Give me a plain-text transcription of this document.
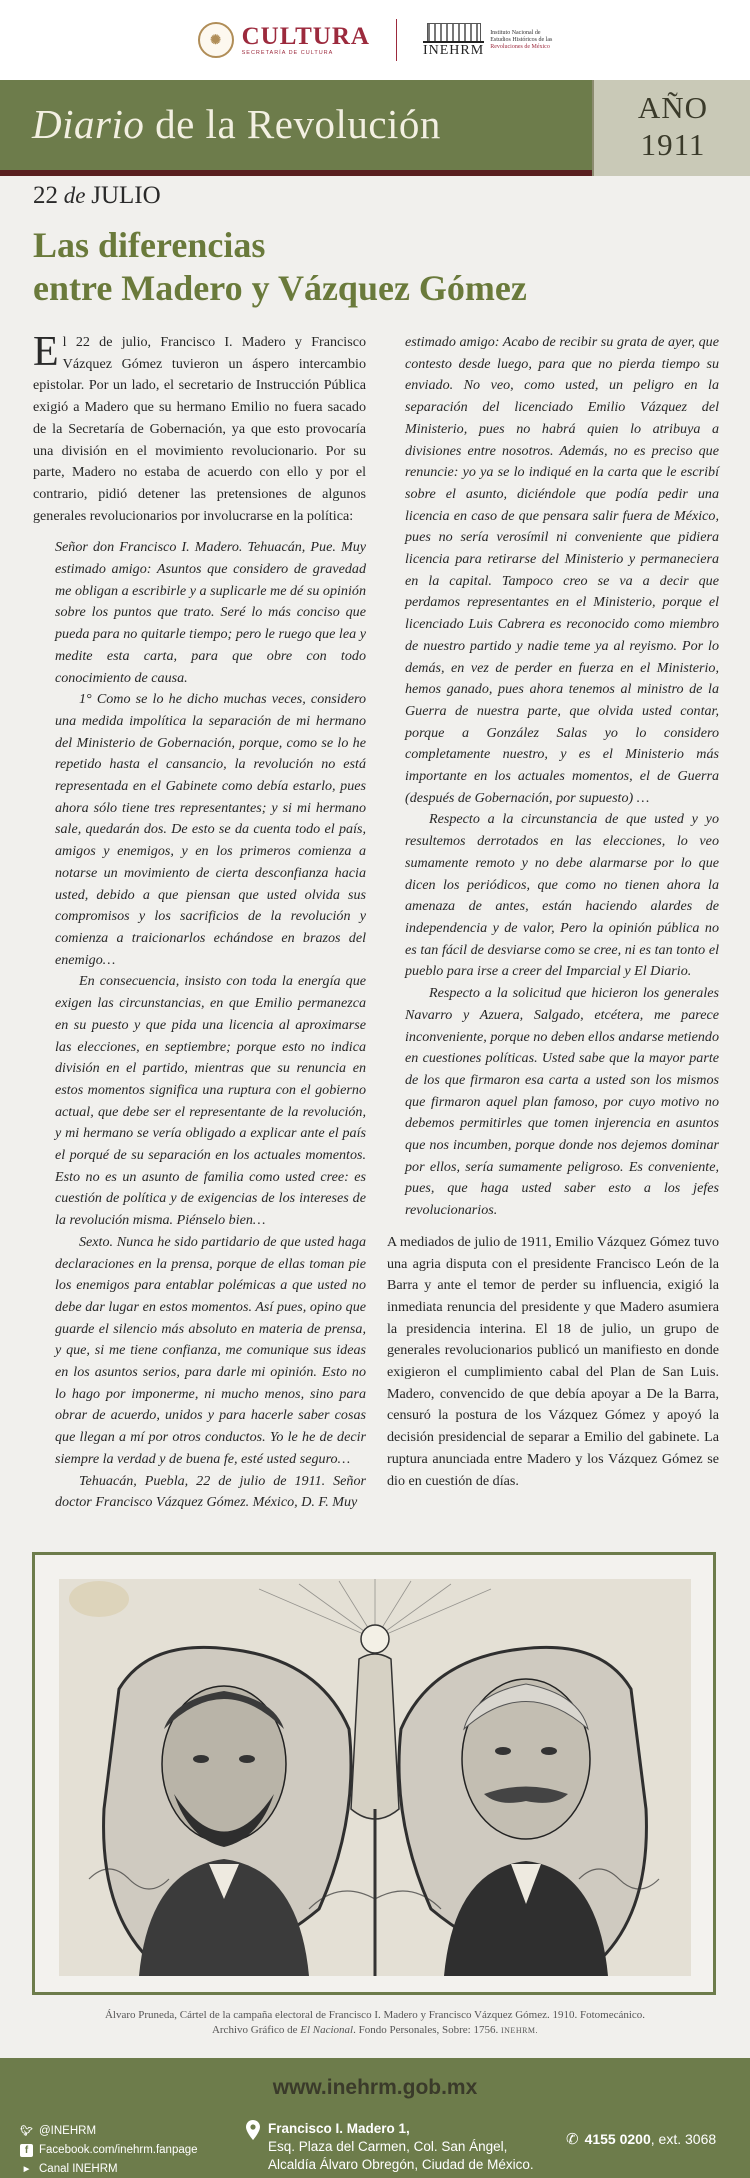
✺ CULTURA
SECRETARÍA DE CULTURA	INEHRM
Instituto Nacional de
Estudios Históricos de las
Revoluciones de México
Diario de la Revolución	AÑO
1911
22 de JULIO
Las diferencias
entre Madero y Vázquez Gómez

El 22 de julio, Francisco I. Madero y Francisco Vázquez Gómez tuvieron un áspero intercambio epistolar. Por un lado, el secretario de Instrucción Pública exigió a Madero que su hermano Emilio no fuera sacado de la Secretaría de Gobernación, ya que esto provocaría una división en el movimiento revolucionario. Por su parte, Madero no estaba de acuerdo con ello y por el contrario, pidió detener las pretensiones de algunos generales revolucionarios por involucrarse en la política:

Señor don Francisco I. Madero. Tehuacán, Pue. Muy estimado amigo: Asuntos que considero de gravedad me obligan a escribirle y a suplicarle me dé su opinión sobre los puntos que trato. Seré lo más conciso que pueda para no quitarle tiempo; pero le ruego que lea y medite esta carta, para que obre con todo conocimiento de causa.

1° Como se lo he dicho muchas veces, considero una medida impolítica la separación de mi hermano del Ministerio de Gobernación, porque, como se lo he repetido hasta el cansancio, la revolución no está representada en el Gabinete como debía estarlo, pues ahora sólo tiene tres representantes; y si mi hermano sale, quedarán dos. De esto se da cuenta todo el país, amigos y enemigos, y en los primeros comienza a notarse un movimiento de cierta desconfianza hacia usted, debido a que piensan que usted olvida sus compromisos y los sacrificios de la revolución y comienza a traicionarlos echándose en brazos del enemigo…

En consecuencia, insisto con toda la energía que exigen las circunstancias, en que Emilio permanezca en su puesto y que pida una licencia al aproximarse las elecciones, en septiembre; porque esto no indica división en el partido, mientras que su renuncia en estos momentos significa una ruptura con el gobierno actual, que debe ser el representante de la revolución, y mi hermano se vería obligado a explicar ante el país el porqué de su separación en los actuales momentos. Esto no es un asunto de familia como usted cree: es cuestión de política y de exigencias de los intereses de la revolución misma. Piénselo bien…

Sexto. Nunca he sido partidario de que usted haga declaraciones en la prensa, porque de ellas toman pie los enemigos para entablar polémicas a que usted no debe dar lugar en estos momentos. Así pues, opino que guarde el silencio más absoluto en materia de prensa, y que, si me tiene confianza, me comunique sus ideas en los asuntos serios, para darle mi opinión. Esto no lo hago por imponerme, ni mucho menos, sino para obrar de acuerdo, unidos y para hacerle saber cosas que llegan a mí por otros conductos. Yo le he de decir siempre la verdad y de buena fe, esté usted seguro…

Tehuacán, Puebla, 22 de julio de 1911. Señor doctor Francisco Vázquez Gómez. México, D. F. Muy

estimado amigo: Acabo de recibir su grata de ayer, que contesto desde luego, para que no pierda tiempo su enviado. No veo, como usted, un peligro en la separación del licenciado Emilio Vázquez del Ministerio, pues no habrá quien lo atribuya a divisiones entre nosotros. Además, no es preciso que renuncie: yo ya se lo indiqué en la carta que le escribí sobre el asunto, diciéndole que podía pedir una licencia en caso de que pensara salir fuera de México, pues no sería verosímil ni conveniente que pidiera licencia para retirarse del Ministerio y permaneciera en la capital. Tampoco creo se va a decir que perdamos representantes en el Ministerio, porque el licenciado Luis Cabrera es reconocido como miembro de nuestro partido y nadie teme ya al reyismo. Por lo demás, en vez de perder en fuerza en el Ministerio, hemos ganado, pues ahora tenemos al ministro de la Guerra de nuestra parte, que olvida usted contar, porque a González Salas yo lo considero completamente nuestro, y es el Ministerio más importante en los actuales momentos, el de Guerra (después de Gobernación, por supuesto) …

Respecto a la circunstancia de que usted y yo resultemos derrotados en las elecciones, lo veo sumamente remoto y no debe alarmarse por lo que dicen los periódicos, que como no tienen ahora la amenaza de antes, están haciendo alardes de independencia y de valor, Pero la opinión pública no es tan fácil de desviarse como se cree, ni es tan tonto el pueblo para irse a creer del Imparcial y El Diario.

Respecto a la solicitud que hicieron los generales Navarro y Azuera, Salgado, etcétera, me parece inconveniente, porque no deben ellos andarse metiendo en cuestiones políticas. Usted sabe que la mayor parte de los que firmaron esa carta a usted son los mismos que firmaron aquel plan famoso, por cuyo motivo no debemos permitirles que tomen injerencia en asuntos que nos incumben, porque donde nos dejemos dominar por ellos, sería sumamente peligroso. Es conveniente, pues, que haga usted saber esto a los jefes revolucionarios.

A mediados de julio de 1911, Emilio Vázquez Gómez tuvo una agria disputa con el presidente Francisco León de la Barra y ante el temor de perder su influencia, exigió la inmediata renuncia del presidente y que Madero asumiera la presidencia interina. El 18 de julio, un grupo de generales revolucionarios publicó un manifiesto en donde exigieron el cumplimiento cabal del Plan de San Luis. Madero, convencido de que debía apoyar a De la Barra, censuró la postura de los Vázquez Gómez y apoyó la decisión presidencial de separar a Emilio del gabinete. La ruptura anunciada entre Madero y los Vázquez Gómez se dio en cuestión de días.

Álvaro Pruneda, Cártel de la campaña electoral de Francisco I. Madero y Francisco Vázquez Gómez. 1910. Fotomecánico.
Archivo Gráfico de El Nacional. Fondo Personales, Sobre: 1756. INEHRM.
www.inehrm.gob.mx
🐦︎ @INEHRM
f Facebook.com/inehrm.fanpage
▶ Canal INEHRM
Francisco I. Madero 1,
Esq. Plaza del Carmen, Col. San Ángel,
Alcaldía Álvaro Obregón, Ciudad de México.
✆ 4155 0200, ext. 3068
